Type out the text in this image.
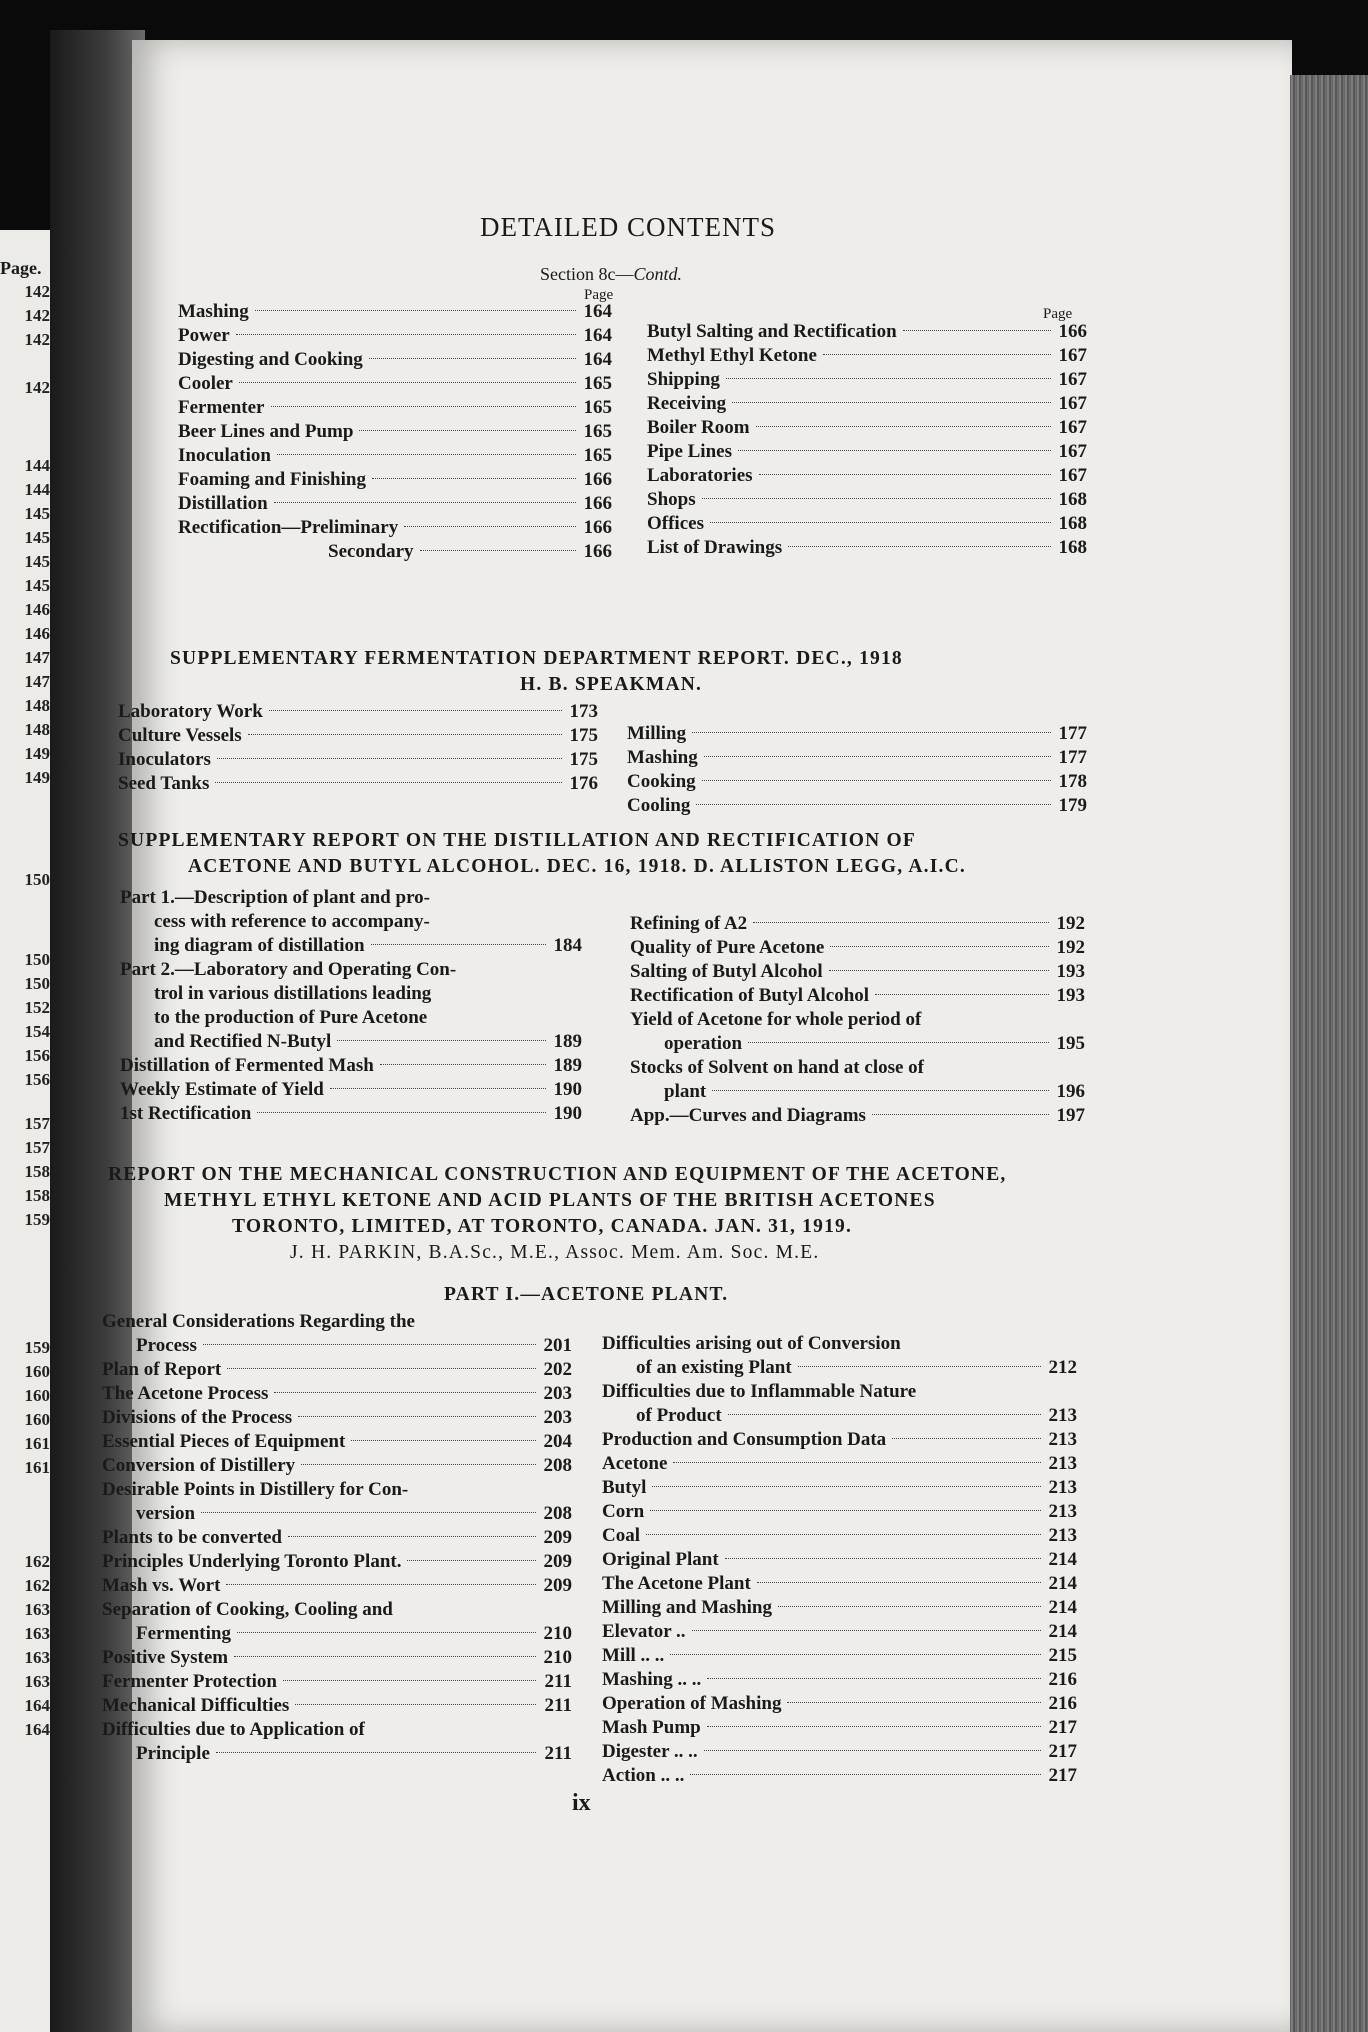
Page.
142
142
142
142
144
144
145
145
145
145
146
146
147
147
148
148
149
149
150
150
150
152
154
156
156
157
157
158
158
159
159
160
160
160
161
161
162
162
163
163
163
163
164
164
DETAILED CONTENTS
Section 8c—Contd.
Page
Page
Mashing	164
Power	164
Digesting and Cooking	164
Cooler	165
Fermenter	165
Beer Lines and Pump	165
Inoculation	165
Foaming and Finishing	166
Distillation	166
Rectification—Preliminary	166
Secondary	166
Butyl Salting and Rectification	166
Methyl Ethyl Ketone	167
Shipping	167
Receiving	167
Boiler Room	167
Pipe Lines	167
Laboratories	167
Shops	168
Offices	168
List of Drawings	168
SUPPLEMENTARY FERMENTATION DEPARTMENT REPORT. DEC., 1918
H. B. SPEAKMAN.
Laboratory Work	173
Culture Vessels	175
Inoculators	175
Seed Tanks	176
Milling	177
Mashing	177
Cooking	178
Cooling	179
SUPPLEMENTARY REPORT ON THE DISTILLATION AND RECTIFICATION OF
ACETONE AND BUTYL ALCOHOL. DEC. 16, 1918. D. ALLISTON LEGG, A.I.C.
Part 1.—Description of plant and pro-
cess with reference to accompany-
ing diagram of distillation	184
Part 2.—Laboratory and Operating Con-
trol in various distillations leading
to the production of Pure Acetone
and Rectified N-Butyl	189
Distillation of Fermented Mash	189
Weekly Estimate of Yield	190
1st Rectification	190
Refining of A2	192
Quality of Pure Acetone	192
Salting of Butyl Alcohol	193
Rectification of Butyl Alcohol	193
Yield of Acetone for whole period of
operation	195
Stocks of Solvent on hand at close of
plant	196
App.—Curves and Diagrams	197
REPORT ON THE MECHANICAL CONSTRUCTION AND EQUIPMENT OF THE ACETONE,
METHYL ETHYL KETONE AND ACID PLANTS OF THE BRITISH ACETONES
TORONTO, LIMITED, AT TORONTO, CANADA. JAN. 31, 1919.
J. H. PARKIN, B.A.Sc., M.E., Assoc. Mem. Am. Soc. M.E.
PART I.—ACETONE PLANT.
General Considerations Regarding the
Process	201
Plan of Report	202
The Acetone Process	203
Divisions of the Process	203
Essential Pieces of Equipment	204
Conversion of Distillery	208
Desirable Points in Distillery for Con-
version	208
Plants to be converted	209
Principles Underlying Toronto Plant.	209
Mash vs. Wort	209
Separation of Cooking, Cooling and
Fermenting	210
Positive System	210
Fermenter Protection	211
Mechanical Difficulties	211
Difficulties due to Application of
Principle	211
Difficulties arising out of Conversion
of an existing Plant	212
Difficulties due to Inflammable Nature
of Product	213
Production and Consumption Data	213
Acetone	213
Butyl	213
Corn	213
Coal	213
Original Plant	214
The Acetone Plant	214
Milling and Mashing	214
Elevator ..	214
Mill .. ..	215
Mashing .. ..	216
Operation of Mashing	216
Mash Pump	217
Digester .. ..	217
Action .. ..	217
ix
